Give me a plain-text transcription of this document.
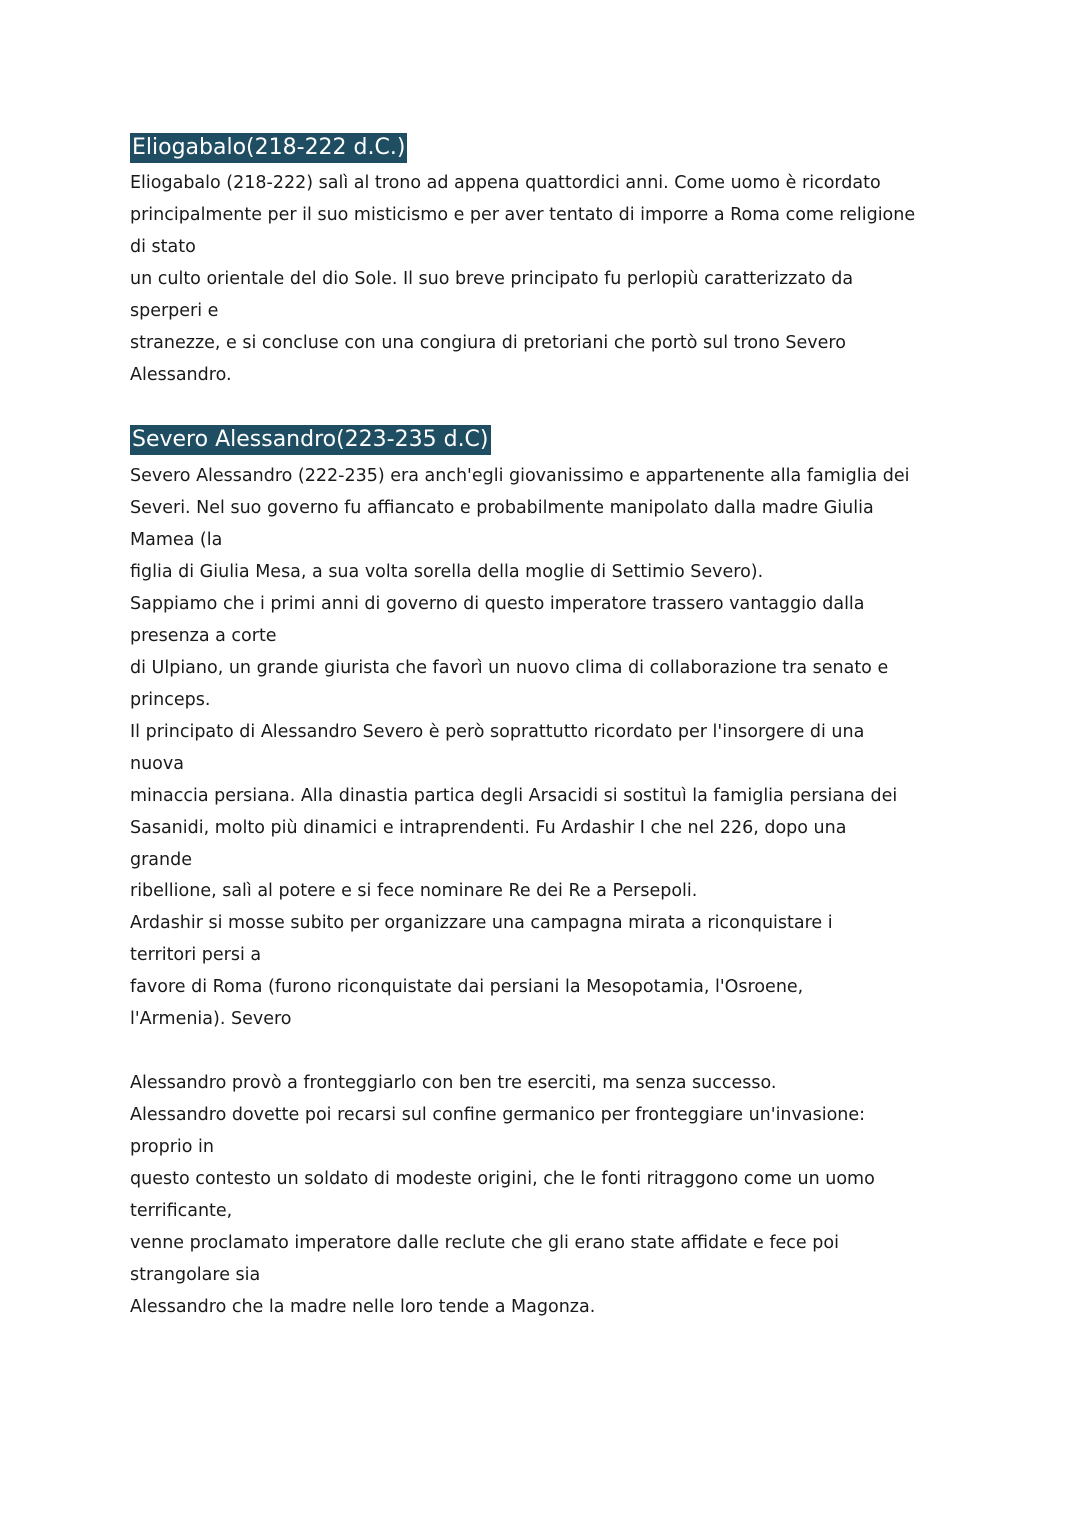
Eliogabalo(218-222 d.C.)
Eliogabalo (218-222) salì al trono ad appena quattordici anni. Come uomo è ricordato
principalmente per il suo misticismo e per aver tentato di imporre a Roma come religione
di stato
un culto orientale del dio Sole. Il suo breve principato fu perlopiù caratterizzato da
sperperi e
stranezze, e si concluse con una congiura di pretoriani che portò sul trono Severo
Alessandro.
Severo Alessandro(223-235 d.C)
Severo Alessandro (222-235) era anch'egli giovanissimo e appartenente alla famiglia dei
Severi. Nel suo governo fu affiancato e probabilmente manipolato dalla madre Giulia
Mamea (la
figlia di Giulia Mesa, a sua volta sorella della moglie di Settimio Severo).
Sappiamo che i primi anni di governo di questo imperatore trassero vantaggio dalla
presenza a corte
di Ulpiano, un grande giurista che favorì un nuovo clima di collaborazione tra senato e
princeps.
Il principato di Alessandro Severo è però soprattutto ricordato per l'insorgere di una
nuova
minaccia persiana. Alla dinastia partica degli Arsacidi si sostituì la famiglia persiana dei
Sasanidi, molto più dinamici e intraprendenti. Fu Ardashir I che nel 226, dopo una
grande
ribellione, salì al potere e si fece nominare Re dei Re a Persepoli.
Ardashir si mosse subito per organizzare una campagna mirata a riconquistare i
territori persi a
favore di Roma (furono riconquistate dai persiani la Mesopotamia, l'Osroene,
l'Armenia). Severo
Alessandro provò a fronteggiarlo con ben tre eserciti, ma senza successo.
Alessandro dovette poi recarsi sul confine germanico per fronteggiare un'invasione:
proprio in
questo contesto un soldato di modeste origini, che le fonti ritraggono come un uomo
terrificante,
venne proclamato imperatore dalle reclute che gli erano state affidate e fece poi
strangolare sia
Alessandro che la madre nelle loro tende a Magonza.
